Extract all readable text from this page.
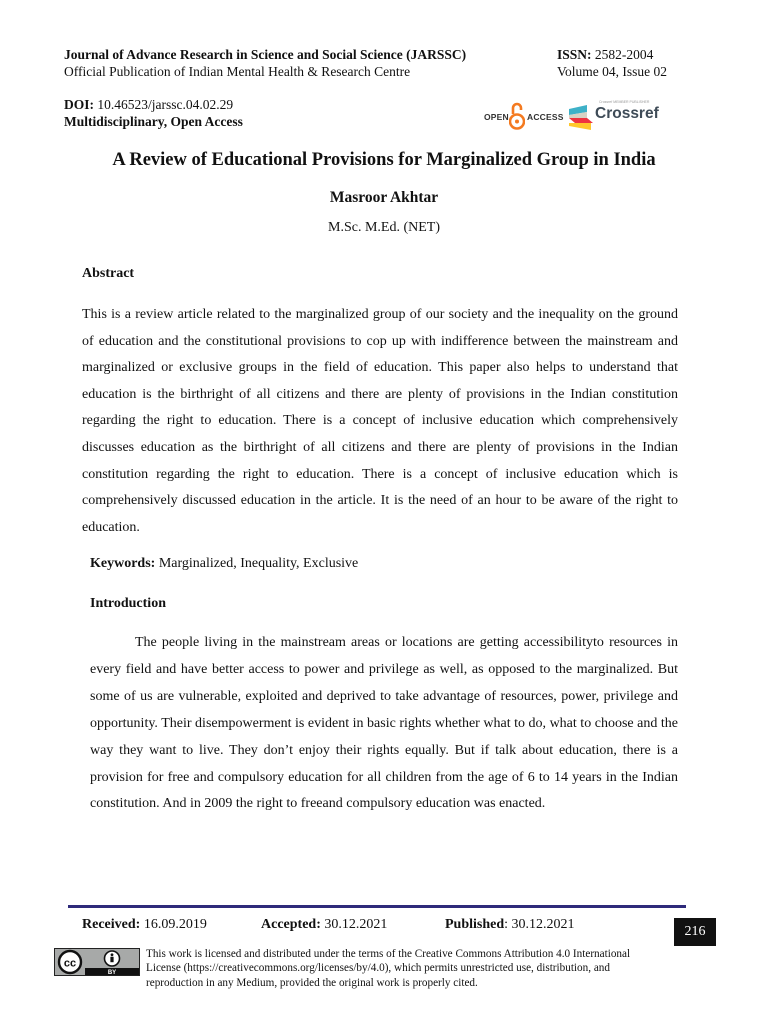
Journal of Advance Research in Science and Social Science (JARSSC)
Official Publication of Indian Mental Health & Research Centre
ISSN: 2582-2004
Volume 04, Issue 02
DOI: 10.46523/jarssc.04.02.29
Multidisciplinary, Open Access	OPEN ACCESS
Crossref MEMBER PUBLISHER
Crossref
A Review of Educational Provisions for Marginalized Group in India
Masroor Akhtar
M.Sc. M.Ed. (NET)
Abstract
This is a review article related to the marginalized group of our society and the inequality on the ground of education and the constitutional provisions to cop up with indifference between the mainstream and marginalized or exclusive groups in the field of education. This paper also helps to understand that education is the birthright of all citizens and there are plenty of provisions in the Indian constitution regarding the right to education. There is a concept of inclusive education which comprehensively discusses education as the birthright of all citizens and there are plenty of provisions in the Indian constitution regarding the right to education. There is a concept of inclusive education which is comprehensively discussed education in the article. It is the need of an hour to be aware of the right to education.
Keywords: Marginalized, Inequality, Exclusive
Introduction
The people living in the mainstream areas or locations are getting accessibilityto resources in every field and have better access to power and privilege as well, as opposed to the marginalized. But some of us are vulnerable, exploited and deprived to take advantage of resources, power, privilege and opportunity. Their disempowerment is evident in basic rights whether what to do, what to choose and the way they want to live. They don’t enjoy their rights equally. But if talk about education, there is a provision for free and compulsory education for all children from the age of 6 to 14 years in the Indian constitution. And in 2009 the right to freeand compulsory education was enacted.
Received: 16.09.2019	Accepted: 30.12.2021	Published: 30.12.2021	216
cc
BY
This work is licensed and distributed under the terms of the Creative Commons Attribution 4.0 International License (https://creativecommons.org/licenses/by/4.0), which permits unrestricted use, distribution, and reproduction in any Medium, provided the original work is properly cited.
